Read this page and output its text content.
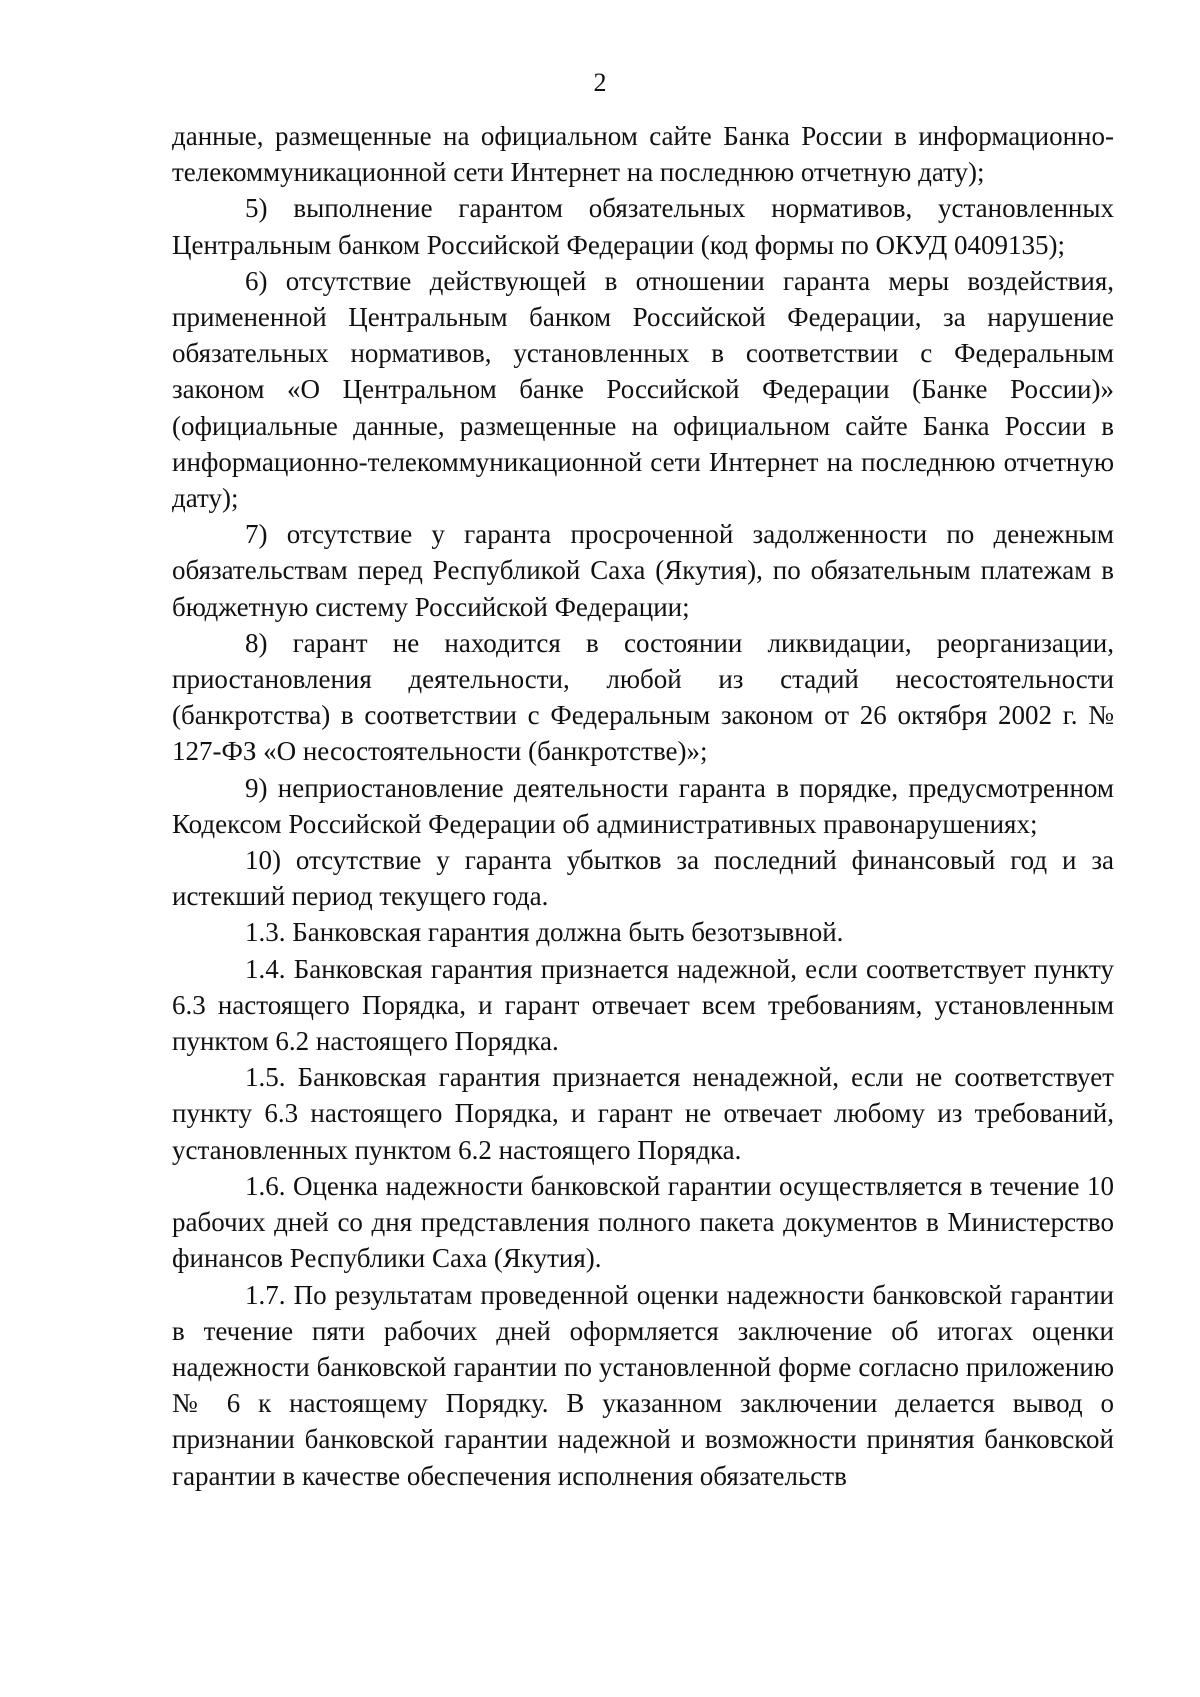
2

данные, размещенные на официальном сайте Банка России в информационно-телекоммуникационной сети Интернет на последнюю отчетную дату);

5) выполнение гарантом обязательных нормативов, установленных Центральным банком Российской Федерации (код формы по ОКУД 0409135);

6) отсутствие действующей в отношении гаранта меры воздействия, примененной Центральным банком Российской Федерации, за нарушение обязательных нормативов, установленных в соответствии с Федеральным законом «О Центральном банке Российской Федерации (Банке России)» (официальные данные, размещенные на официальном сайте Банка России в информационно-телекоммуникационной сети Интернет на последнюю отчетную дату);

7) отсутствие у гаранта просроченной задолженности по денежным обязательствам перед Республикой Саха (Якутия), по обязательным платежам в бюджетную систему Российской Федерации;

8) гарант не находится в состоянии ликвидации, реорганизации, приостановления деятельности, любой из стадий несостоятельности (банкротства) в соответствии с Федеральным законом от 26 октября 2002 г. № 127-ФЗ «О несостоятельности (банкротстве)»;

9) неприостановление деятельности гаранта в порядке, предусмотренном Кодексом Российской Федерации об административных правонарушениях;

10) отсутствие у гаранта убытков за последний финансовый год и за истекший период текущего года.

1.3. Банковская гарантия должна быть безотзывной.

1.4. Банковская гарантия признается надежной, если соответствует пункту 6.3 настоящего Порядка, и гарант отвечает всем требованиям, установленным пунктом 6.2 настоящего Порядка.

1.5. Банковская гарантия признается ненадежной, если не соответствует пункту 6.3 настоящего Порядка, и гарант не отвечает любому из требований, установленных пунктом 6.2 настоящего Порядка.

1.6. Оценка надежности банковской гарантии осуществляется в течение 10 рабочих дней со дня представления полного пакета документов в Министерство финансов Республики Саха (Якутия).

1.7. По результатам проведенной оценки надежности банковской гарантии в течение пяти рабочих дней оформляется заключение об итогах оценки надежности банковской гарантии по установленной форме согласно приложению № 6 к настоящему Порядку. В указанном заключении делается вывод о признании банковской гарантии надежной и возможности принятия банковской гарантии в качестве обеспечения исполнения обязательств
